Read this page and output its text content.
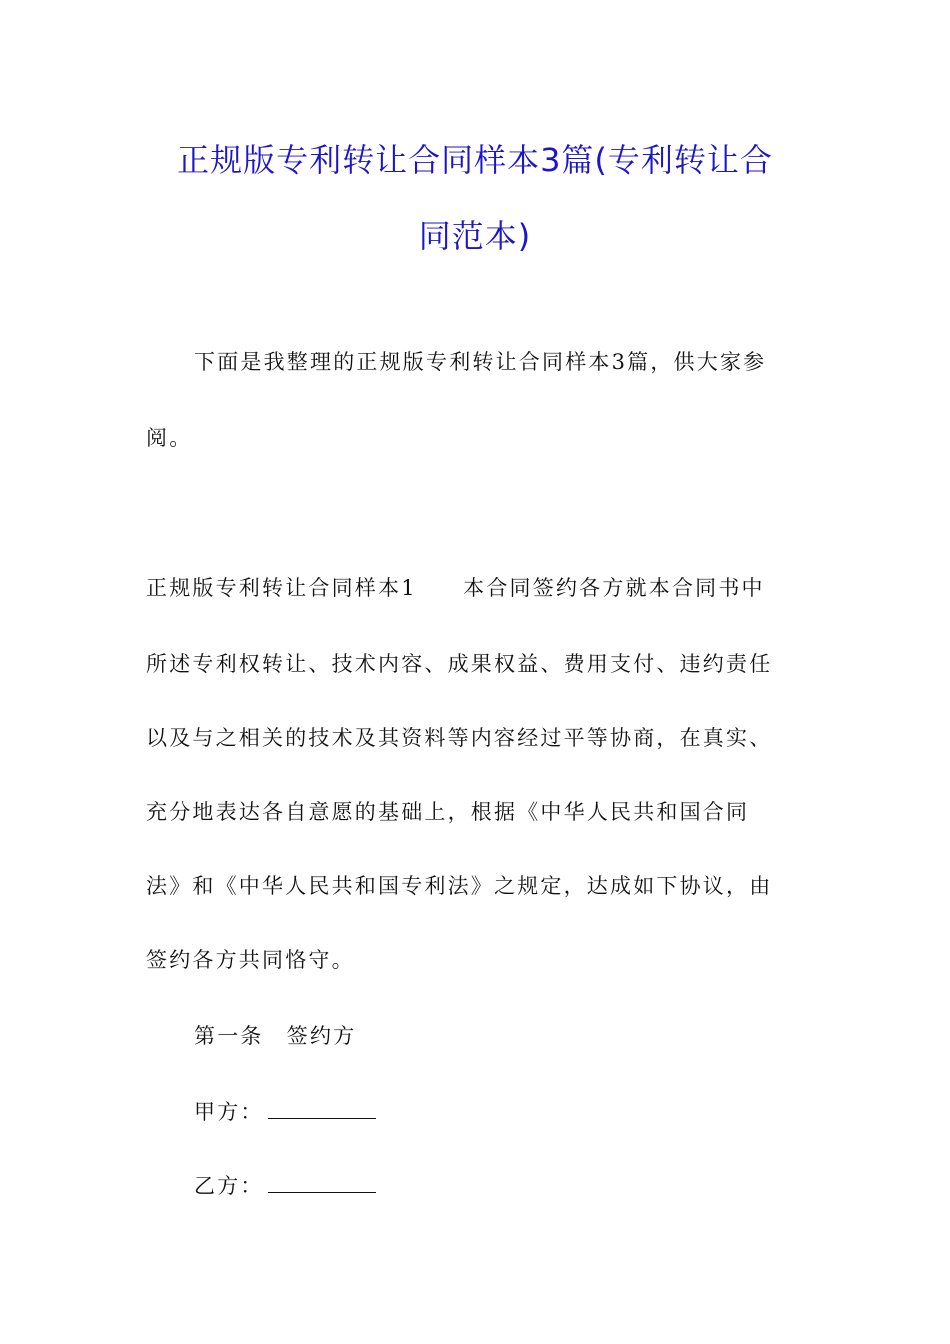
正规版专利转让合同样本3篇(专利转让合
同范本)
下面是我整理的正规版专利转让合同样本3篇，供大家参
阅。
正规版专利转让合同样本1　　本合同签约各方就本合同书中
所述专利权转让、技术内容、成果权益、费用支付、违约责任
以及与之相关的技术及其资料等内容经过平等协商，在真实、
充分地表达各自意愿的基础上，根据《中华人民共和国合同
法》和《中华人民共和国专利法》之规定，达成如下协议，由
签约各方共同恪守。
第一条　签约方
甲方：
乙方：
